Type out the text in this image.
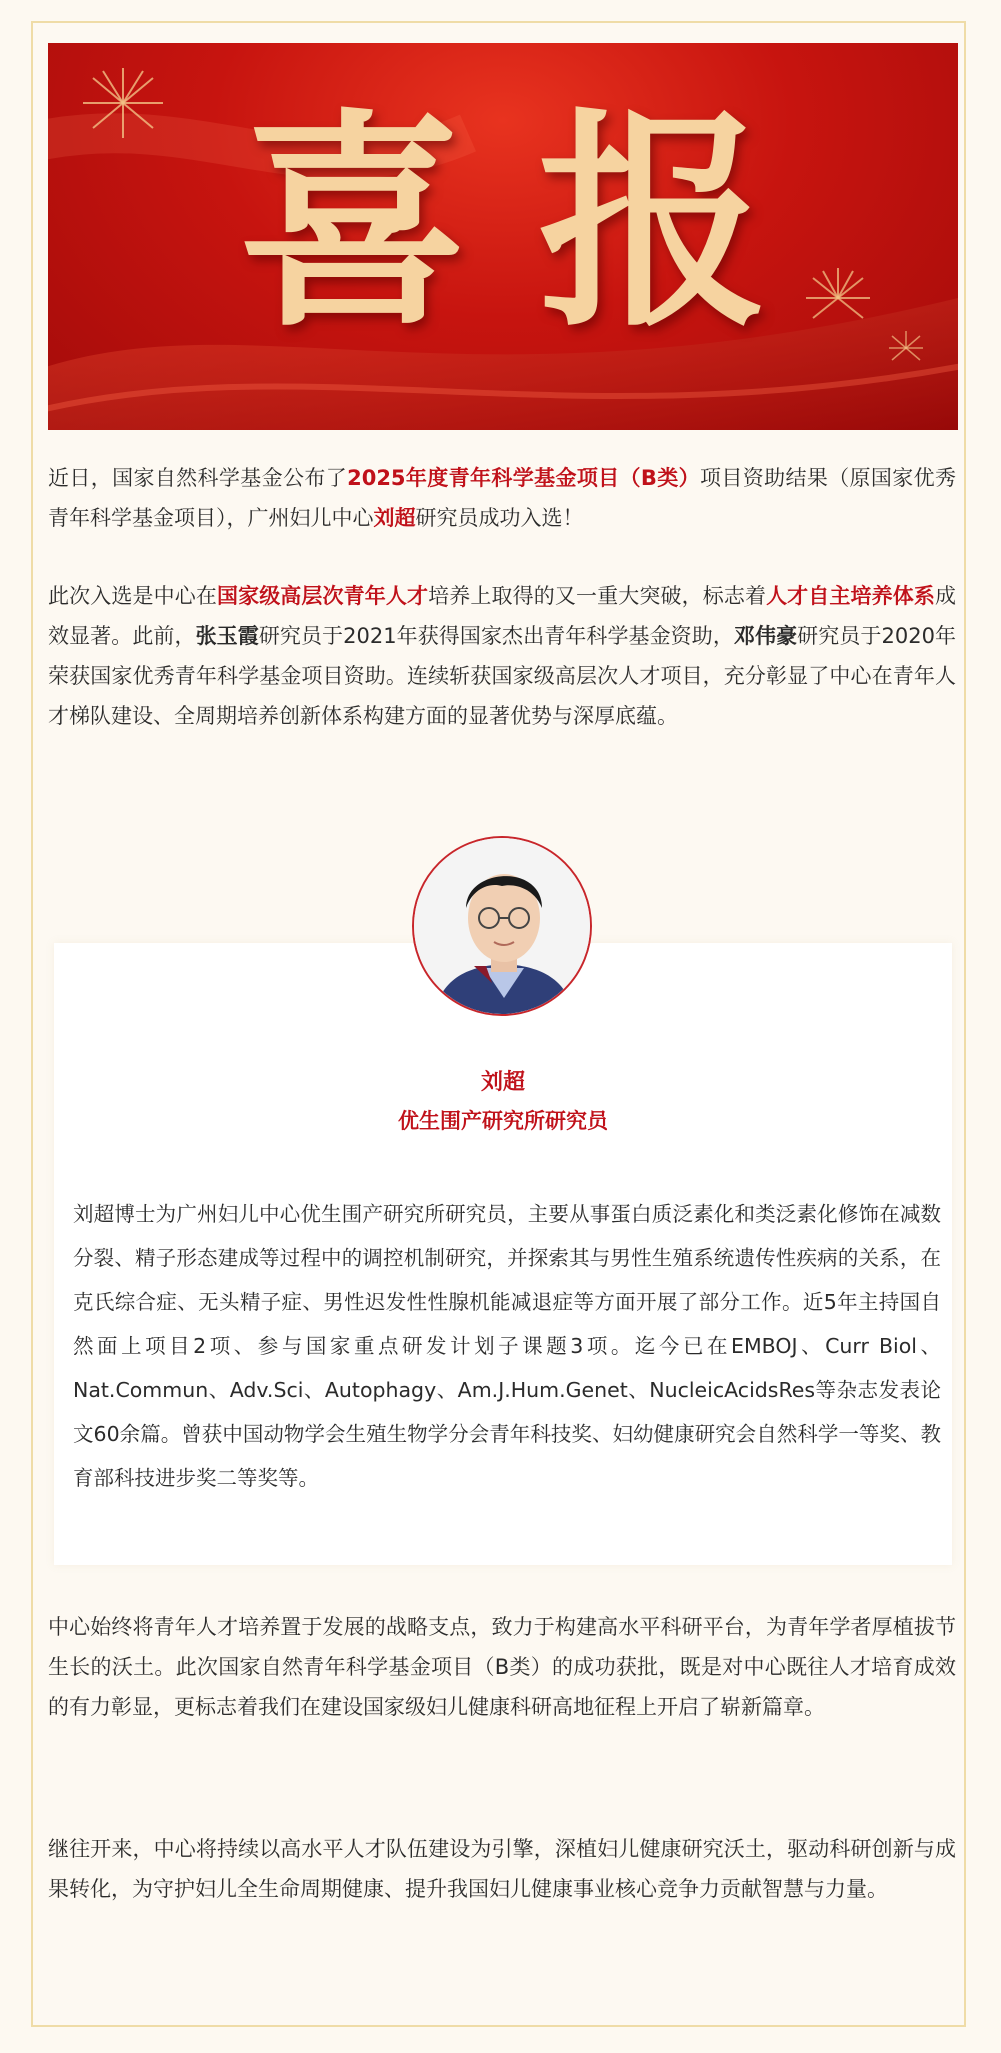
喜报

近日，国家自然科学基金公布了2025年度青年科学基金项目（B类）项目资助结果（原国家优秀青年科学基金项目），广州妇儿中心刘超研究员成功入选！

此次入选是中心在国家级高层次青年人才培养上取得的又一重大突破，标志着人才自主培养体系成效显著。此前，张玉霞研究员于2021年获得国家杰出青年科学基金资助，邓伟豪研究员于2020年荣获国家优秀青年科学基金项目资助。连续斩获国家级高层次人才项目，充分彰显了中心在青年人才梯队建设、全周期培养创新体系构建方面的显著优势与深厚底蕴。

刘超
优生围产研究所研究员

刘超博士为广州妇儿中心优生围产研究所研究员，主要从事蛋白质泛素化和类泛素化修饰在减数分裂、精子形态建成等过程中的调控机制研究，并探索其与男性生殖系统遗传性疾病的关系，在克氏综合症、无头精子症、男性迟发性性腺机能减退症等方面开展了部分工作。近5年主持国自然面上项目2项、参与国家重点研发计划子课题3项。迄今已在EMBOJ、Curr Biol、Nat.Commun、Adv.Sci、Autophagy、Am.J.Hum.Genet、NucleicAcidsRes等杂志发表论文60余篇。曾获中国动物学会生殖生物学分会青年科技奖、妇幼健康研究会自然科学一等奖、教育部科技进步奖二等奖等。

中心始终将青年人才培养置于发展的战略支点，致力于构建高水平科研平台，为青年学者厚植拔节生长的沃土。此次国家自然青年科学基金项目（B类）的成功获批，既是对中心既往人才培育成效的有力彰显，更标志着我们在建设国家级妇儿健康科研高地征程上开启了崭新篇章。

继往开来，中心将持续以高水平人才队伍建设为引擎，深植妇儿健康研究沃土，驱动科研创新与成果转化，为守护妇儿全生命周期健康、提升我国妇儿健康事业核心竞争力贡献智慧与力量。
